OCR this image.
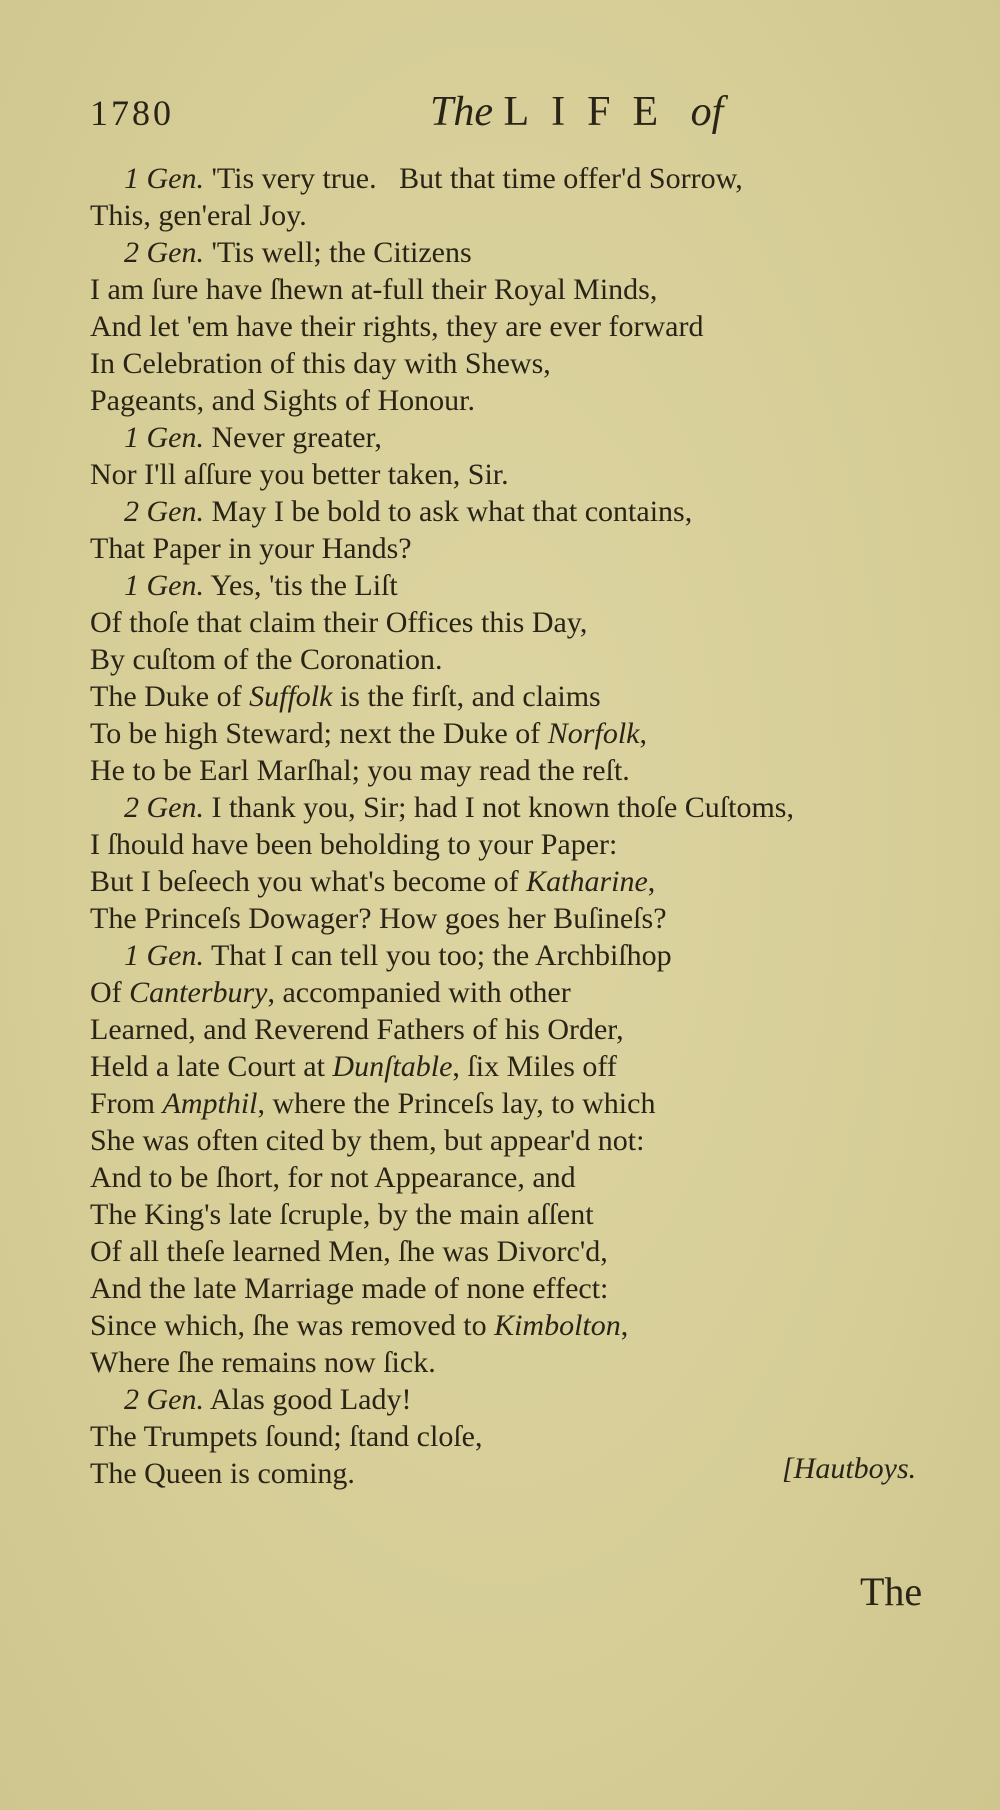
1780	The LIFE of
1 Gen. 'Tis very true.   But that time offer'd Sorrow,
This, gen'eral Joy.
2 Gen. 'Tis well; the Citizens
I am ſure have ſhewn at-full their Royal Minds,
And let 'em have their rights, they are ever forward
In Celebration of this day with Shews,
Pageants, and Sights of Honour.
1 Gen. Never greater,
Nor I'll aſſure you better taken, Sir.
2 Gen. May I be bold to ask what that contains,
That Paper in your Hands?
1 Gen. Yes, 'tis the Liſt
Of thoſe that claim their Offices this Day,
By cuſtom of the Coronation.
The Duke of Suffolk is the firſt, and claims
To be high Steward; next the Duke of Norfolk,
He to be Earl Marſhal; you may read the reſt.
2 Gen. I thank you, Sir; had I not known thoſe Cuſtoms,
I ſhould have been beholding to your Paper:
But I beſeech you what's become of Katharine,
The Princeſs Dowager? How goes her Buſineſs?
1 Gen. That I can tell you too; the Archbiſhop
Of Canterbury, accompanied with other
Learned, and Reverend Fathers of his Order,
Held a late Court at Dunſtable, ſix Miles off
From Ampthil, where the Princeſs lay, to which
She was often cited by them, but appear'd not:
And to be ſhort, for not Appearance, and
The King's late ſcruple, by the main aſſent
Of all theſe learned Men, ſhe was Divorc'd,
And the late Marriage made of none effect:
Since which, ſhe was removed to Kimbolton,
Where ſhe remains now ſick.
2 Gen. Alas good Lady!
The Trumpets ſound; ſtand cloſe,
The Queen is coming.	[Hautboys.
The
